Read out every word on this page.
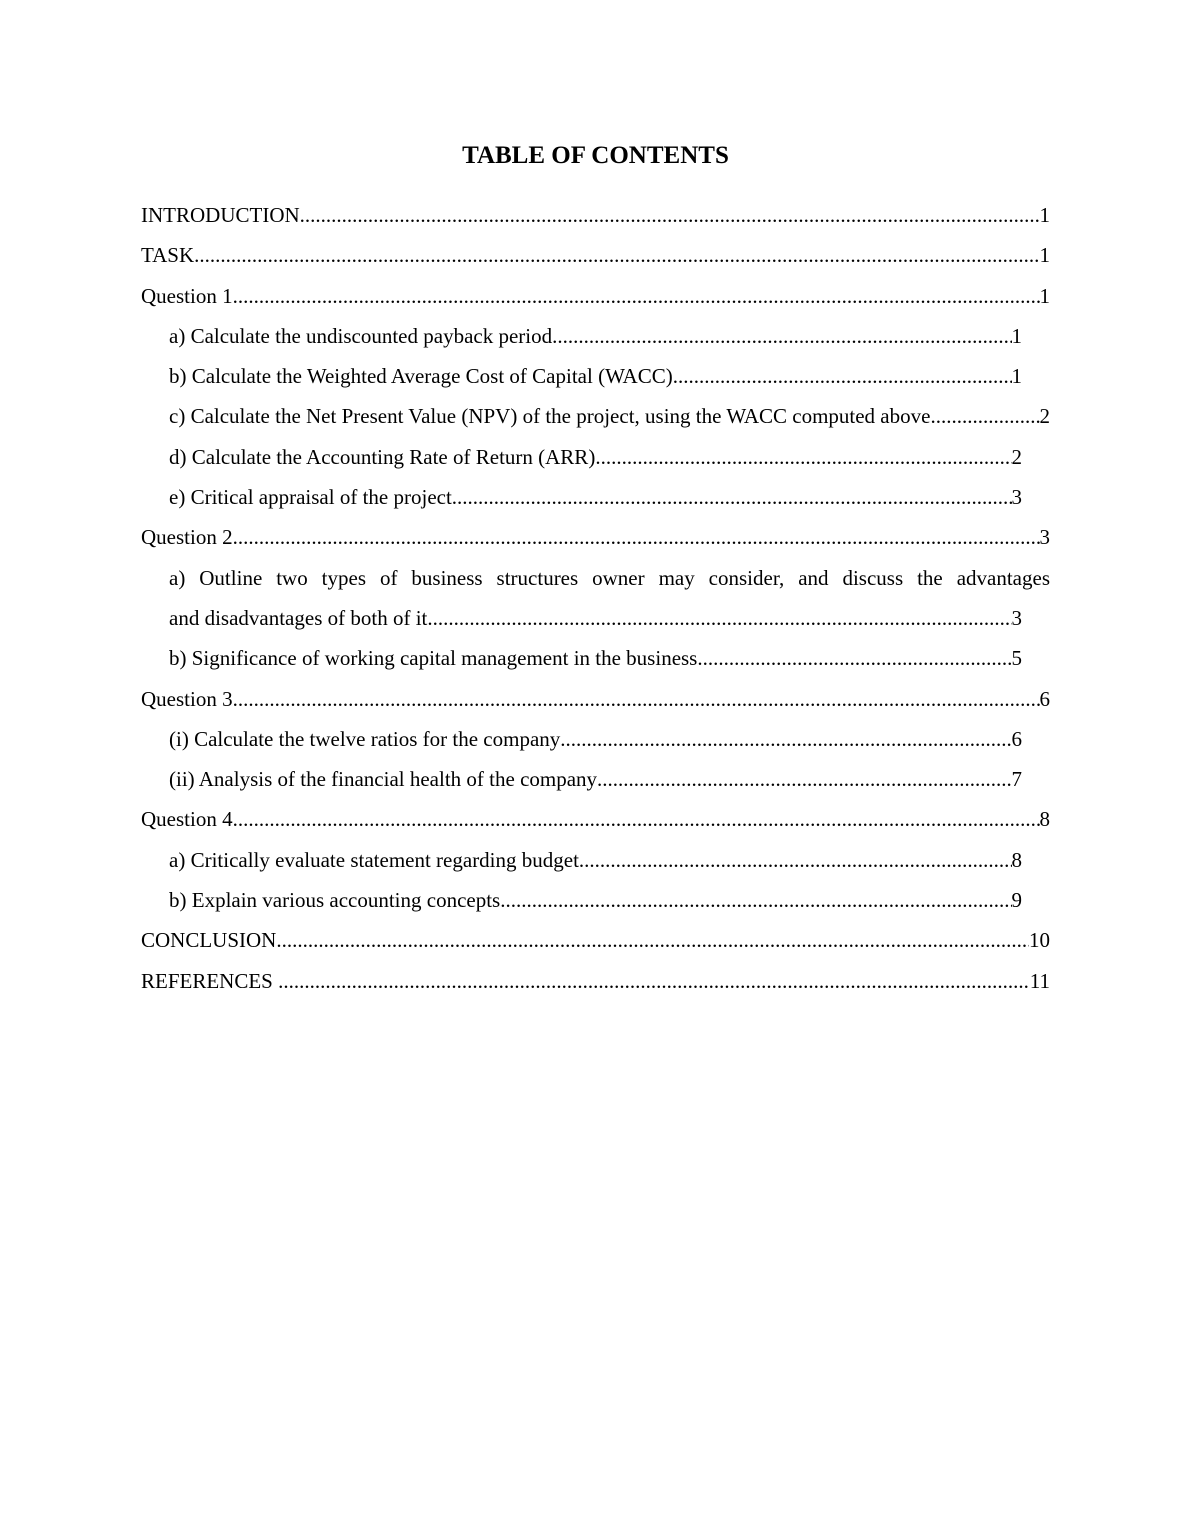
TABLE OF CONTENTS
INTRODUCTION .....	1
TASK .....	1
Question 1 .....	1
a) Calculate the undiscounted payback period .....	1
b) Calculate the Weighted Average Cost of Capital (WACC) .....	1
c) Calculate the Net Present Value (NPV) of the project, using the WACC computed above .....	2
d) Calculate the Accounting Rate of Return (ARR) .....	2
e) Critical appraisal of the project .....	3
Question 2 .....	3
a) Outline two types of business structures owner may consider, and discuss the advantages
and disadvantages of both of it .....	3
b) Significance of working capital management in the business .....	5
Question 3 .....	6
(i) Calculate the twelve ratios for the company .....	6
(ii) Analysis of the financial health of the company .....	7
Question 4 .....	8
a) Critically evaluate statement regarding budget .....	8
b) Explain various accounting concepts .....	9
CONCLUSION .....	10
REFERENCES .....	11
